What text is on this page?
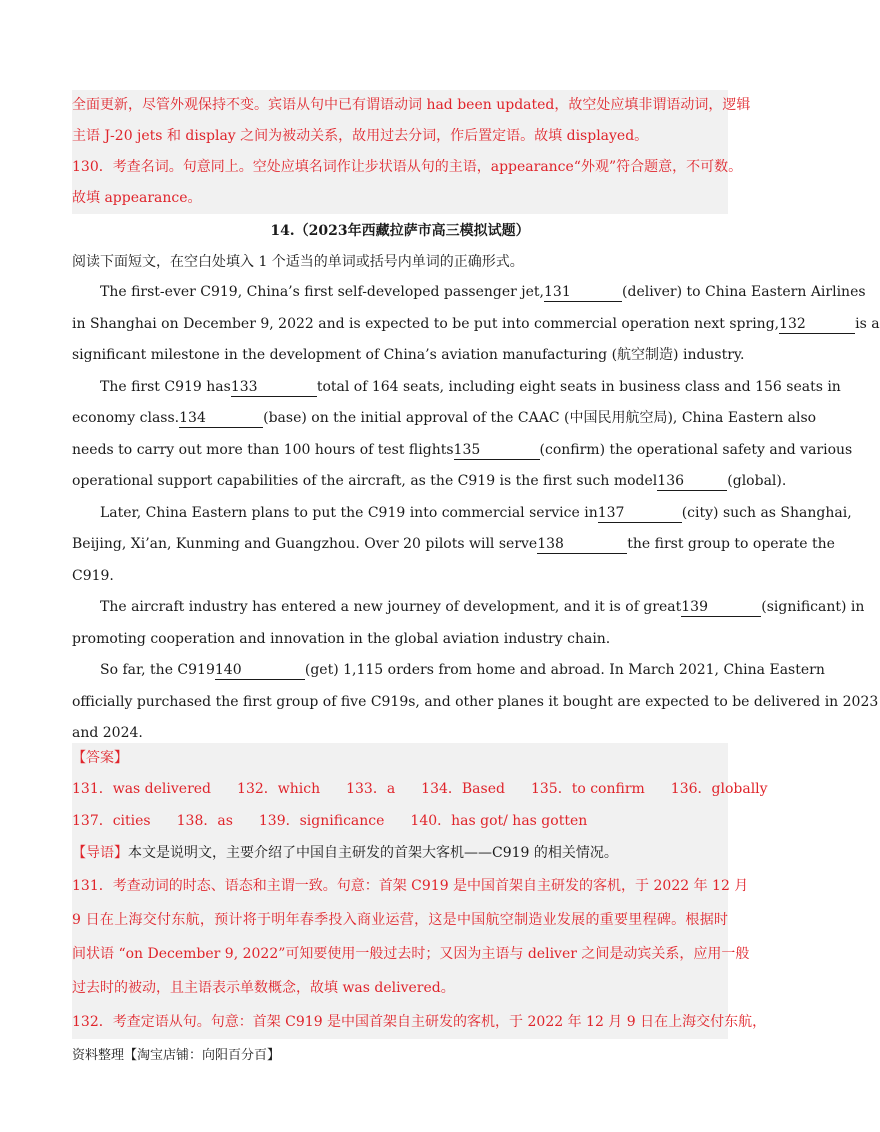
全面更新，尽管外观保持不变。宾语从句中已有谓语动词 had been updated，故空处应填非谓语动词，逻辑
主语 J-20 jets 和 display 之间为被动关系，故用过去分词，作后置定语。故填 displayed。
130．考查名词。句意同上。空处应填名词作让步状语从句的主语，appearance“外观”符合题意，不可数。
故填 appearance。
14.（2023年西藏拉萨市高三模拟试题）
阅读下面短文，在空白处填入 1 个适当的单词或括号内单词的正确形式。
The first-ever C919, China’s first self-developed passenger jet,131	(deliver) to China Eastern Airlines
in Shanghai on December 9, 2022 and is expected to be put into commercial operation next spring,132	is a
significant milestone in the development of China’s aviation manufacturing (航空制造) industry.
The first C919 has133	total of 164 seats, including eight seats in business class and 156 seats in
economy class.134	(base) on the initial approval of the CAAC (中国民用航空局), China Eastern also
needs to carry out more than 100 hours of test flights135	(confirm) the operational safety and various
operational support capabilities of the aircraft, as the C919 is the first such model136	(global).
Later, China Eastern plans to put the C919 into commercial service in137	(city) such as Shanghai,
Beijing, Xi’an, Kunming and Guangzhou. Over 20 pilots will serve138	the first group to operate the
C919.
The aircraft industry has entered a new journey of development, and it is of great139	(significant) in
promoting cooperation and innovation in the global aviation industry chain.
So far, the C919140	(get) 1,115 orders from home and abroad. In March 2021, China Eastern
officially purchased the first group of five C919s, and other planes it bought are expected to be delivered in 2023
and 2024.
【答案】
131．was delivered 132．which 133．a 134．Based 135．to confirm 136．globally
137．cities 138．as 139．significance 140．has got/ has gotten
【导语】本文是说明文，主要介绍了中国自主研发的首架大客机——C919 的相关情况。
131．考查动词的时态、语态和主谓一致。句意：首架 C919 是中国首架自主研发的客机，于 2022 年 12 月
9 日在上海交付东航，预计将于明年春季投入商业运营，这是中国航空制造业发展的重要里程碑。根据时
间状语 “on December 9, 2022”可知要使用一般过去时；又因为主语与 deliver 之间是动宾关系，应用一般
过去时的被动，且主语表示单数概念，故填 was delivered。
132．考查定语从句。句意：首架 C919 是中国首架自主研发的客机，于 2022 年 12 月 9 日在上海交付东航，
资料整理【淘宝店铺：向阳百分百】
